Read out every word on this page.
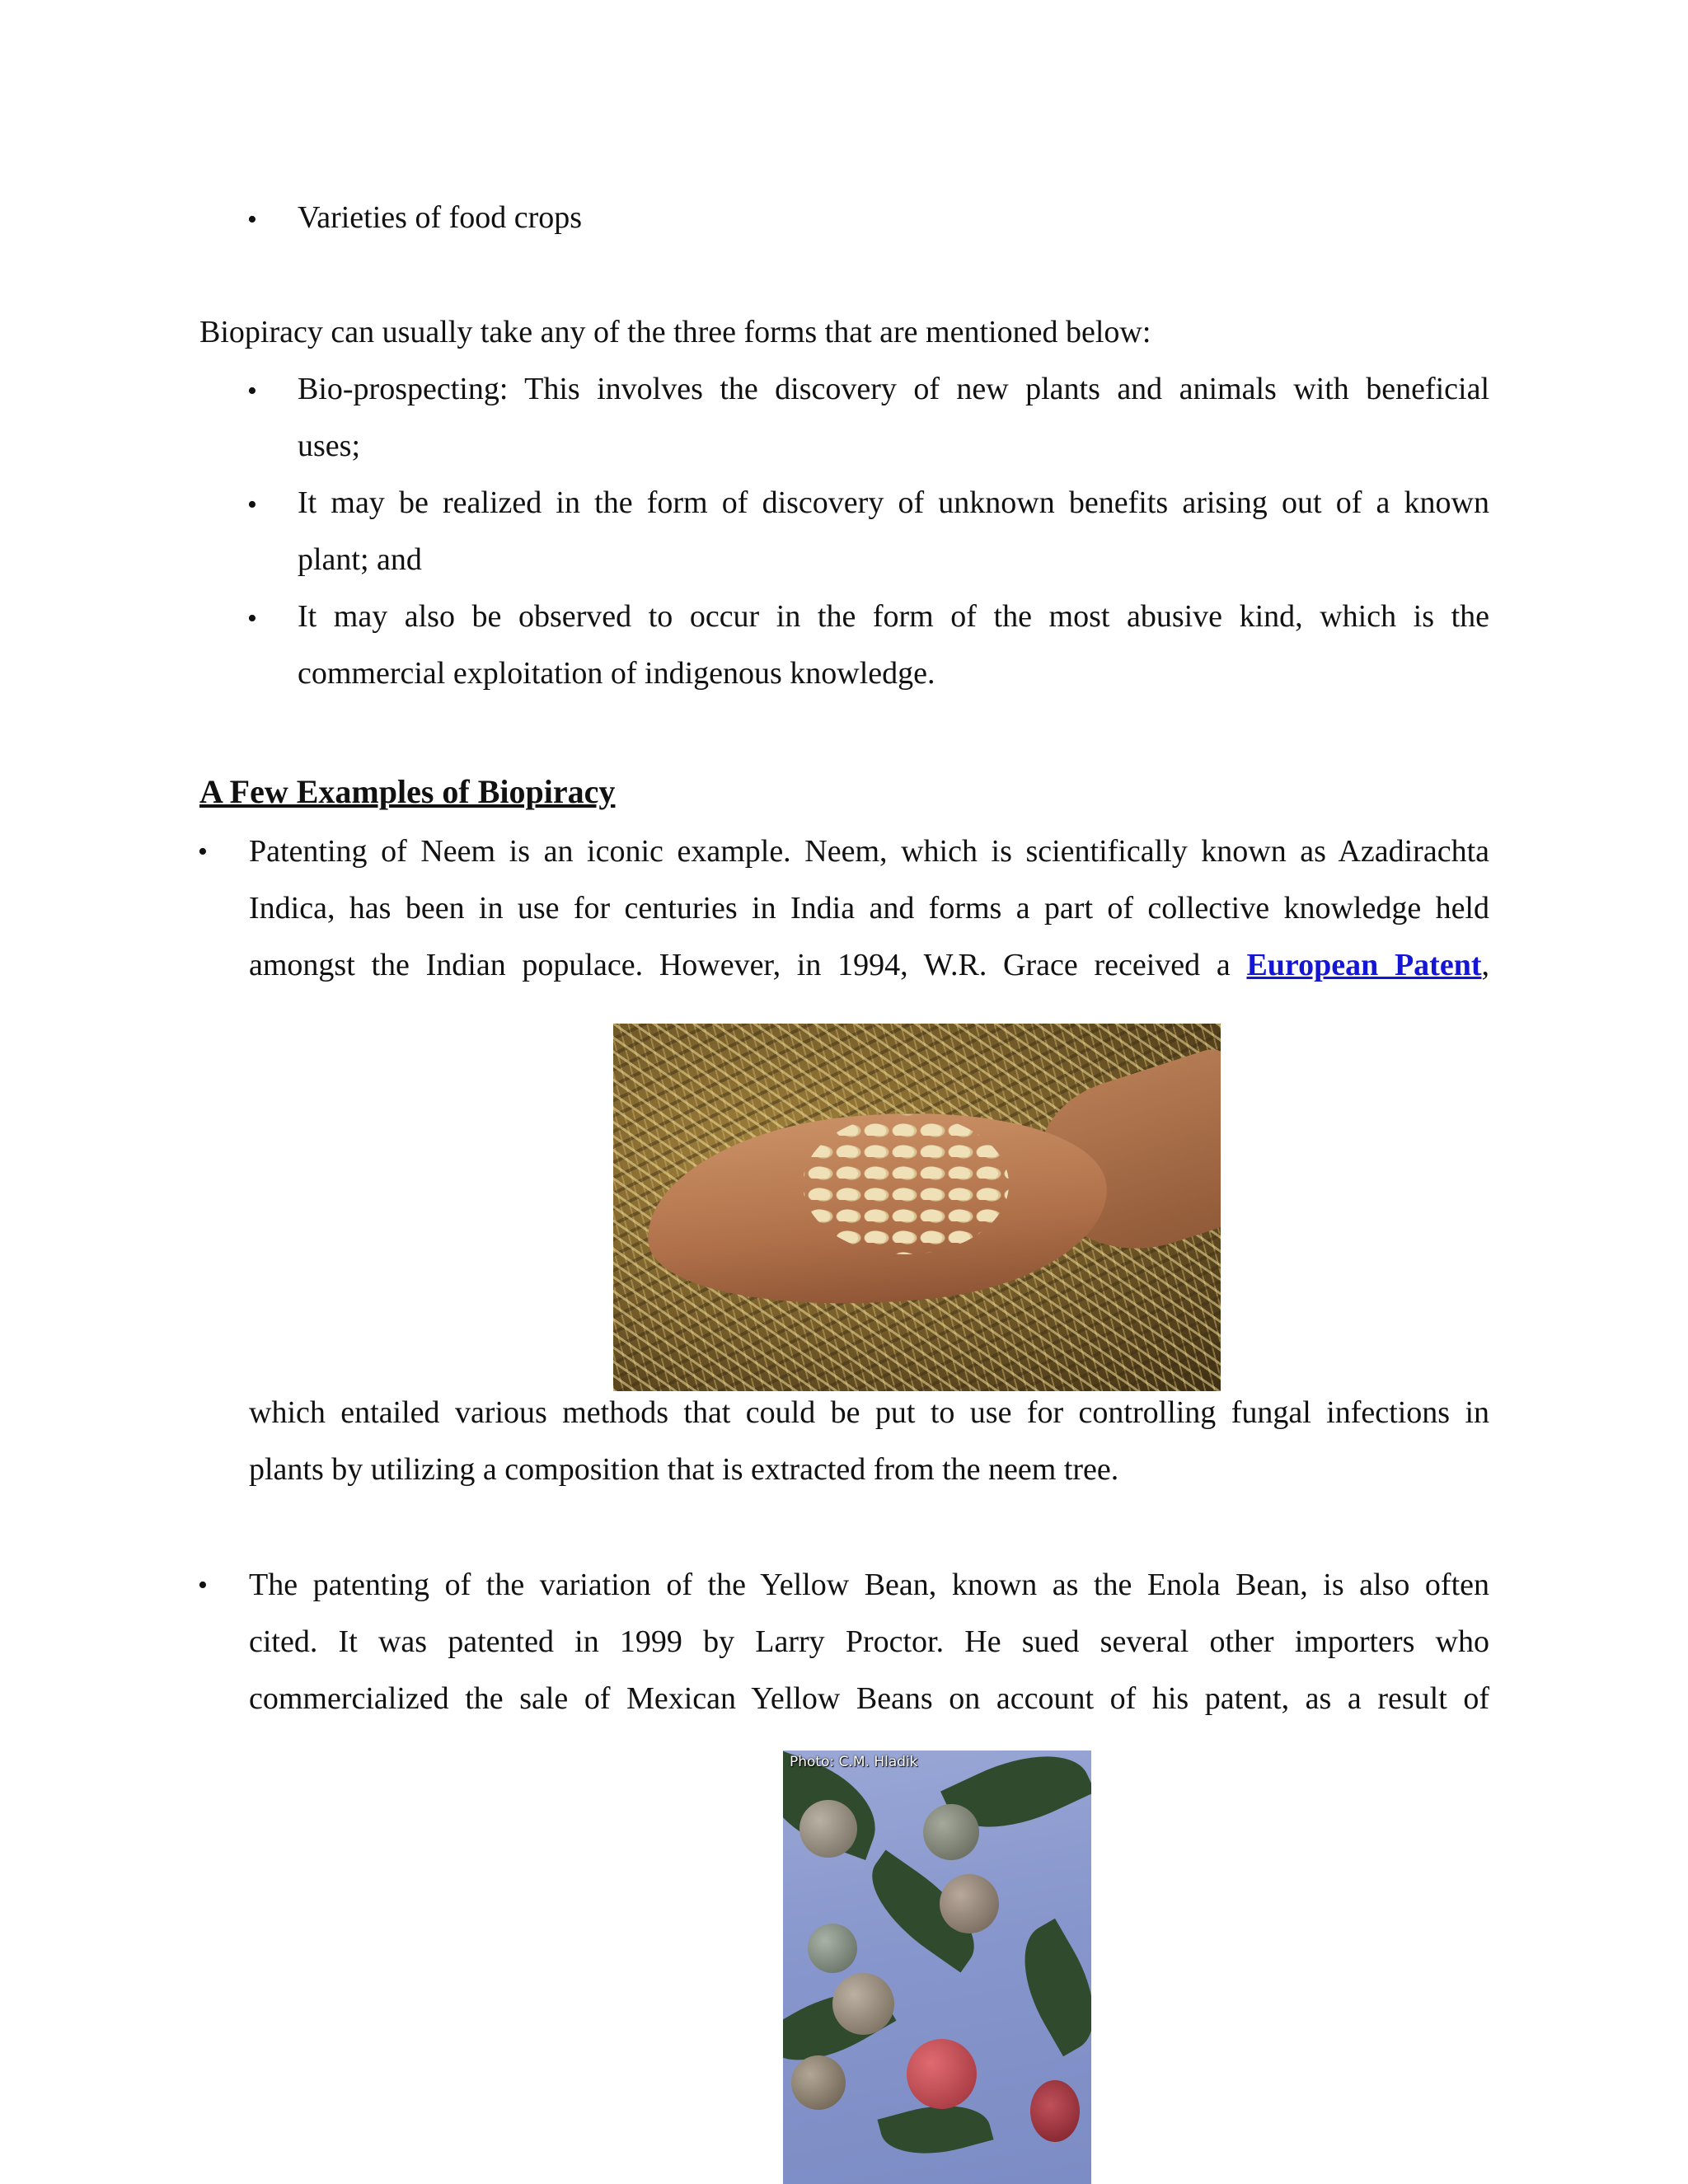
• Varieties of food crops
Biopiracy can usually take any of the three forms that are mentioned below:
• Bio-prospecting: This involves the discovery of new plants and animals with beneficial
uses;
• It may be realized in the form of discovery of unknown benefits arising out of a known
plant; and
• It may also be observed to occur in the form of the most abusive kind, which is the
commercial exploitation of indigenous knowledge.
A Few Examples of Biopiracy
• Patenting of Neem is an iconic example. Neem, which is scientifically known as Azadirachta
Indica, has been in use for centuries in India and forms a part of collective knowledge held
amongst the Indian populace. However, in 1994, W.R. Grace received a European Patent,
which entailed various methods that could be put to use for controlling fungal infections in
plants by utilizing a composition that is extracted from the neem tree.
• The patenting of the variation of the Yellow Bean, known as the Enola Bean, is also often
cited. It was patented in 1999 by Larry Proctor. He sued several other importers who
commercialized the sale of Mexican Yellow Beans on account of his patent, as a result of
Photo: C.M. Hladik
